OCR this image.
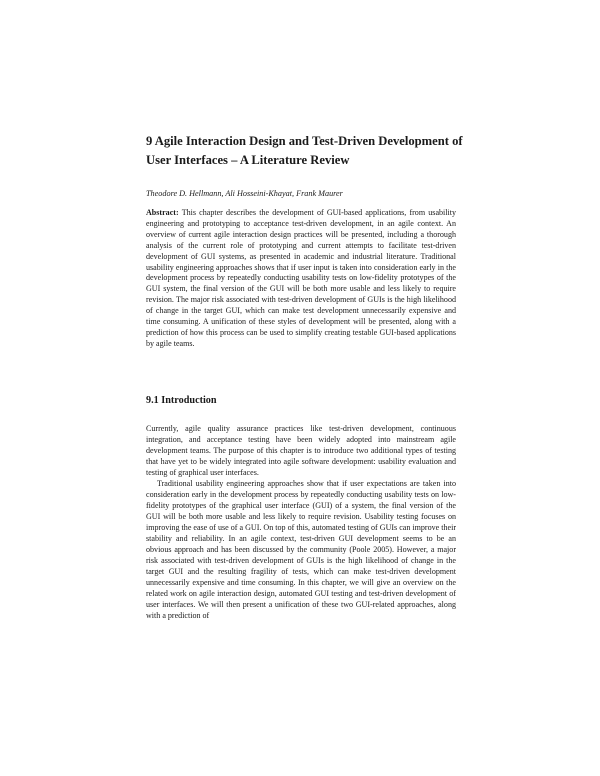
9 Agile Interaction Design and Test-Driven Development of User Interfaces – A Literature Review

Theodore D. Hellmann, Ali Hosseini-Khayat, Frank Maurer

Abstract: This chapter describes the development of GUI-based applications, from usability engineering and prototyping to acceptance test-driven development, in an agile context. An overview of current agile interaction design practices will be presented, including a thorough analysis of the current role of prototyping and current attempts to facilitate test-driven development of GUI systems, as presented in academic and industrial literature. Traditional usability engineering approaches shows that if user input is taken into consideration early in the development process by repeatedly conducting usability tests on low-fidelity prototypes of the GUI system, the final version of the GUI will be both more usable and less likely to require revision. The major risk associated with test-driven development of GUIs is the high likelihood of change in the target GUI, which can make test development unnecessarily expensive and time consuming. A unification of these styles of development will be presented, along with a prediction of how this process can be used to simplify creating testable GUI-based applications by agile teams.

9.1 Introduction

Currently, agile quality assurance practices like test-driven development, continuous integration, and acceptance testing have been widely adopted into mainstream agile development teams. The purpose of this chapter is to introduce two additional types of testing that have yet to be widely integrated into agile software development: usability evaluation and testing of graphical user interfaces.

Traditional usability engineering approaches show that if user expectations are taken into consideration early in the development process by repeatedly conducting usability tests on low-fidelity prototypes of the graphical user interface (GUI) of a system, the final version of the GUI will be both more usable and less likely to require revision. Usability testing focuses on improving the ease of use of a GUI. On top of this, automated testing of GUIs can improve their stability and reliability. In an agile context, test-driven GUI development seems to be an obvious approach and has been discussed by the community (Poole 2005). However, a major risk associated with test-driven development of GUIs is the high likelihood of change in the target GUI and the resulting fragility of tests, which can make test-driven development unnecessarily expensive and time consuming. In this chapter, we will give an overview on the related work on agile interaction design, automated GUI testing and test-driven development of user interfaces. We will then present a unification of these two GUI-related approaches, along with a prediction of
